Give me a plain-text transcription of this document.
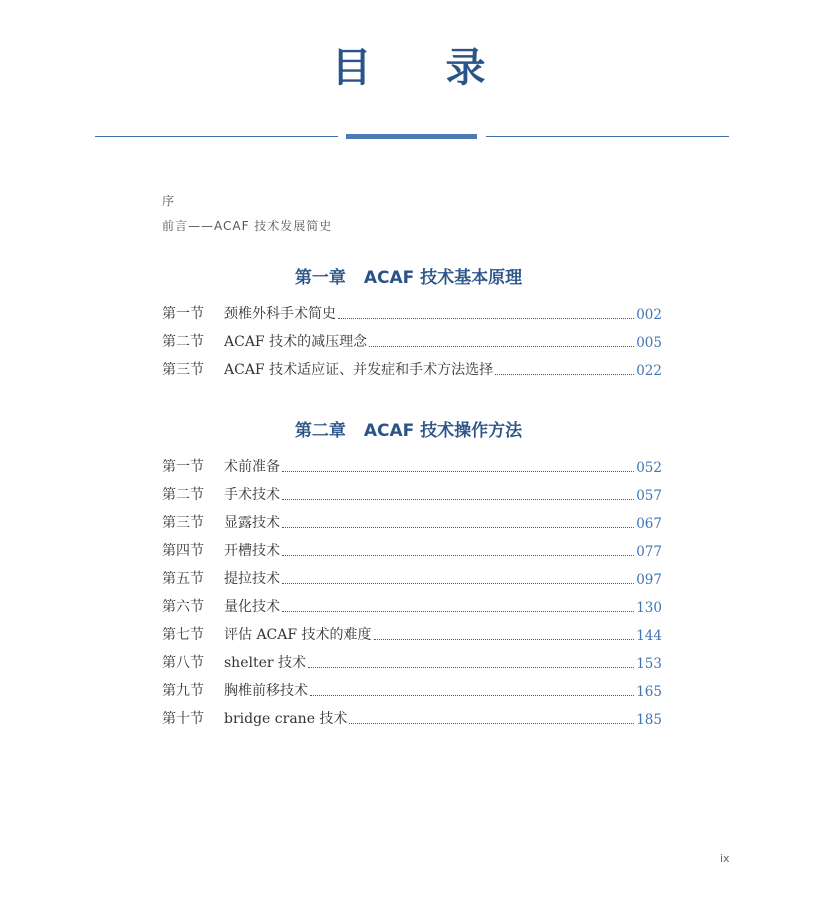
目 录
序
前言——ACAF 技术发展简史
第一章 ACAF 技术基本原理
第一节	颈椎外科手术简史	002
第二节	ACAF 技术的减压理念	005
第三节	ACAF 技术适应证、并发症和手术方法选择	022
第二章 ACAF 技术操作方法
第一节	术前准备	052
第二节	手术技术	057
第三节	显露技术	067
第四节	开槽技术	077
第五节	提拉技术	097
第六节	量化技术	130
第七节	评估 ACAF 技术的难度	144
第八节	shelter 技术	153
第九节	胸椎前移技术	165
第十节	bridge crane 技术	185
ix
